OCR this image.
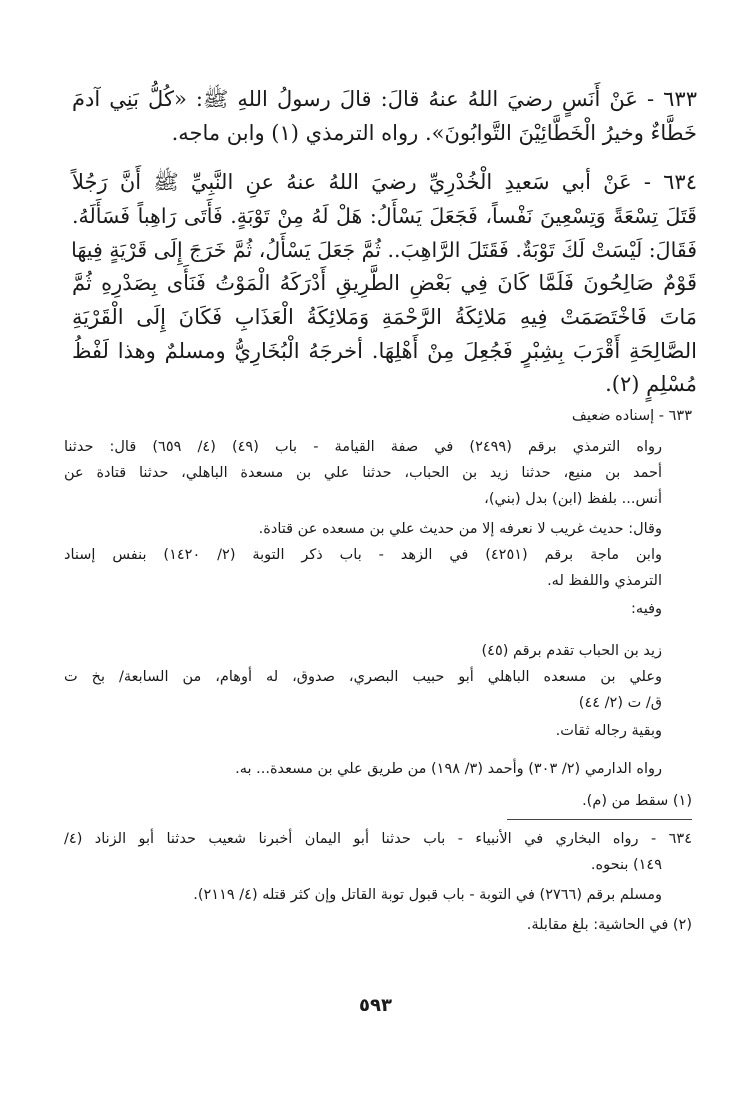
٦٣٣ - عَنْ أَنَسٍ رضيَ اللهُ عنهُ قالَ: قالَ رسولُ اللهِ ﷺ: «كُلُّ بَنِي آدمَ
خَطَّاءٌ وخيرُ الْخَطَّائِيْنَ التَّوابُونَ». رواه الترمذي (١) وابن ماجه.
٦٣٤ - عَنْ أبي سَعيدِ الْخُدْرِيِّ رضيَ اللهُ عنهُ عنِ النَّبِيِّ ﷺ أَنَّ رَجُلاً
قَتَلَ تِسْعَةً وَتِسْعِينَ نَفْساً، فَجَعَلَ يَسْأَلُ: هَلْ لَهُ مِنْ تَوْبَةٍ. فَأَتَى رَاهِباً فَسَأَلَهُ.
فَقَالَ: لَيْسَتْ لَكَ تَوْبَةٌ. فَقَتَلَ الرَّاهِبَ.. ثُمَّ جَعَلَ يَسْأَلُ، ثُمَّ خَرَجَ إِلَى قَرْيَةٍ فِيهَا
قَوْمٌ صَالِحُونَ فَلَمَّا كَانَ فِي بَعْضِ الطَّرِيقِ أَدْرَكَهُ الْمَوْتُ فَنَأَى بِصَدْرِهِ ثُمَّ
مَاتَ فَاخْتَصَمَتْ فِيهِ مَلائِكَةُ الرَّحْمَةِ وَمَلائِكَةُ الْعَذَابِ فَكَانَ إِلَى الْقَرْيَةِ
الصَّالِحَةِ أَقْرَبَ بِشِبْرٍ فَجُعِلَ مِنْ أَهْلِهَا. أخرجَهُ الْبُخَارِيُّ ومسلمٌ وهذا لَفْظُ
مُسْلِمٍ (٢).
٦٣٣ - إسناده ضعيف
رواه الترمذي برقم (٢٤٩٩) في صفة القيامة - باب (٤٩) (٤/ ٦٥٩) قال: حدثنا
أحمد بن منيع، حدثنا زيد بن الحباب، حدثنا علي بن مسعدة الباهلي، حدثنا قتادة عن
أنس... بلفظ (ابن) بدل (بني)،
وقال: حديث غريب لا نعرفه إلا من حديث علي بن مسعده عن قتادة.
وابن ماجة برقم (٤٢٥١) في الزهد - باب ذكر التوبة (٢/ ١٤٢٠) بنفس إسناد
الترمذي واللفظ له.
وفيه:
زيد بن الحباب تقدم برقم (٤٥)
وعلي بن مسعده الباهلي أبو حبيب البصري، صدوق، له أوهام، من السابعة/ بخ ت
ق/ ت (٢/ ٤٤)
وبقية رجاله ثقات.
رواه الدارمي (٢/ ٣٠٣) وأحمد (٣/ ١٩٨) من طريق علي بن مسعدة... به.
(١) سقط من (م).
٦٣٤ - رواه البخاري في الأنبياء - باب حدثنا أبو اليمان أخبرنا شعيب حدثنا أبو الزناد (٤/
١٤٩) بنحوه.
ومسلم برقم (٢٧٦٦) في التوبة - باب قبول توبة القاتل وإن كثر قتله (٤/ ٢١١٩).
(٢) في الحاشية: بلغ مقابلة.
٥٩٣
